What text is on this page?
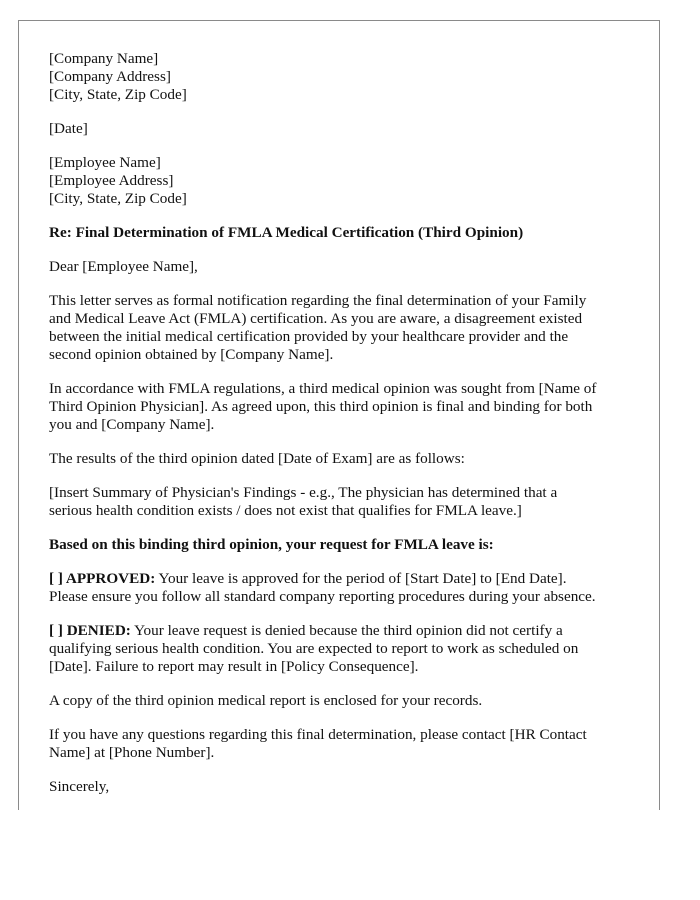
[Company Name]
[Company Address]
[City, State, Zip Code]
[Date]
[Employee Name]
[Employee Address]
[City, State, Zip Code]
Re: Final Determination of FMLA Medical Certification (Third Opinion)
Dear [Employee Name],
This letter serves as formal notification regarding the final determination of your Family
and Medical Leave Act (FMLA) certification. As you are aware, a disagreement existed
between the initial medical certification provided by your healthcare provider and the
second opinion obtained by [Company Name].
In accordance with FMLA regulations, a third medical opinion was sought from [Name of
Third Opinion Physician]. As agreed upon, this third opinion is final and binding for both
you and [Company Name].
The results of the third opinion dated [Date of Exam] are as follows:
[Insert Summary of Physician's Findings - e.g., The physician has determined that a
serious health condition exists / does not exist that qualifies for FMLA leave.]
Based on this binding third opinion, your request for FMLA leave is:
[ ] APPROVED: Your leave is approved for the period of [Start Date] to [End Date].
Please ensure you follow all standard company reporting procedures during your absence.
[ ] DENIED: Your leave request is denied because the third opinion did not certify a
qualifying serious health condition. You are expected to report to work as scheduled on
[Date]. Failure to report may result in [Policy Consequence].
A copy of the third opinion medical report is enclosed for your records.
If you have any questions regarding this final determination, please contact [HR Contact
Name] at [Phone Number].
Sincerely,
